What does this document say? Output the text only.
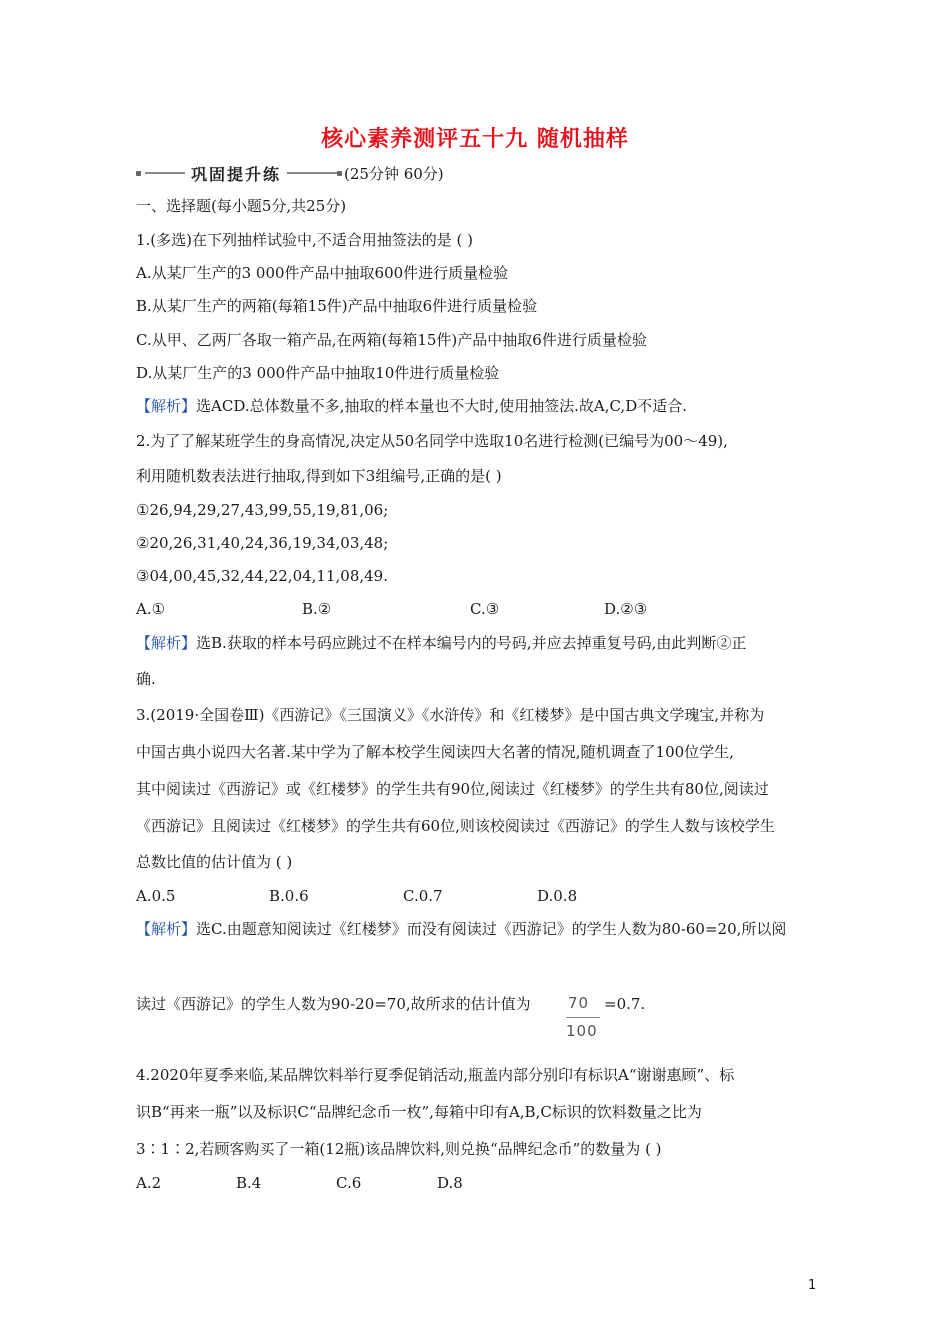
核心素养测评五十九 随机抽样
巩固提升练	(25分钟 60分)
一、选择题(每小题5分,共25分)
1.(多选)在下列抽样试验中,不适合用抽签法的是 ( )
A.从某厂生产的3 000件产品中抽取600件进行质量检验
B.从某厂生产的两箱(每箱15件)产品中抽取6件进行质量检验
C.从甲、乙两厂各取一箱产品,在两箱(每箱15件)产品中抽取6件进行质量检验
D.从某厂生产的3 000件产品中抽取10件进行质量检验
【解析】选ACD.总体数量不多,抽取的样本量也不大时,使用抽签法.故A,C,D不适合.
2.为了了解某班学生的身高情况,决定从50名同学中选取10名进行检测(已编号为00～49),
利用随机数表法进行抽取,得到如下3组编号,正确的是( )
①26,94,29,27,43,99,55,19,81,06;
②20,26,31,40,24,36,19,34,03,48;
③04,00,45,32,44,22,04,11,08,49.
A.①	B.②	C.③	D.②③
【解析】选B.获取的样本号码应跳过不在样本编号内的号码,并应去掉重复号码,由此判断②正
确.
3.(2019·全国卷Ⅲ)《西游记》《三国演义》《水浒传》和《红楼梦》是中国古典文学瑰宝,并称为
中国古典小说四大名著.某中学为了解本校学生阅读四大名著的情况,随机调查了100位学生,
其中阅读过《西游记》或《红楼梦》的学生共有90位,阅读过《红楼梦》的学生共有80位,阅读过
《西游记》且阅读过《红楼梦》的学生共有60位,则该校阅读过《西游记》的学生人数与该校学生
总数比值的估计值为 ( )
A.0.5	B.0.6	C.0.7	D.0.8
【解析】选C.由题意知阅读过《红楼梦》而没有阅读过《西游记》的学生人数为80-60=20,所以阅
读过《西游记》的学生人数为90-20=70,故所求的估计值为 70
100
=0.7.
4.2020年夏季来临,某品牌饮料举行夏季促销活动,瓶盖内部分别印有标识A“谢谢惠顾”、标
识B“再来一瓶”以及标识C“品牌纪念币一枚”,每箱中印有A,B,C标识的饮料数量之比为
3∶1∶2,若顾客购买了一箱(12瓶)该品牌饮料,则兑换“品牌纪念币”的数量为 ( )
A.2	B.4	C.6	D.8
1
